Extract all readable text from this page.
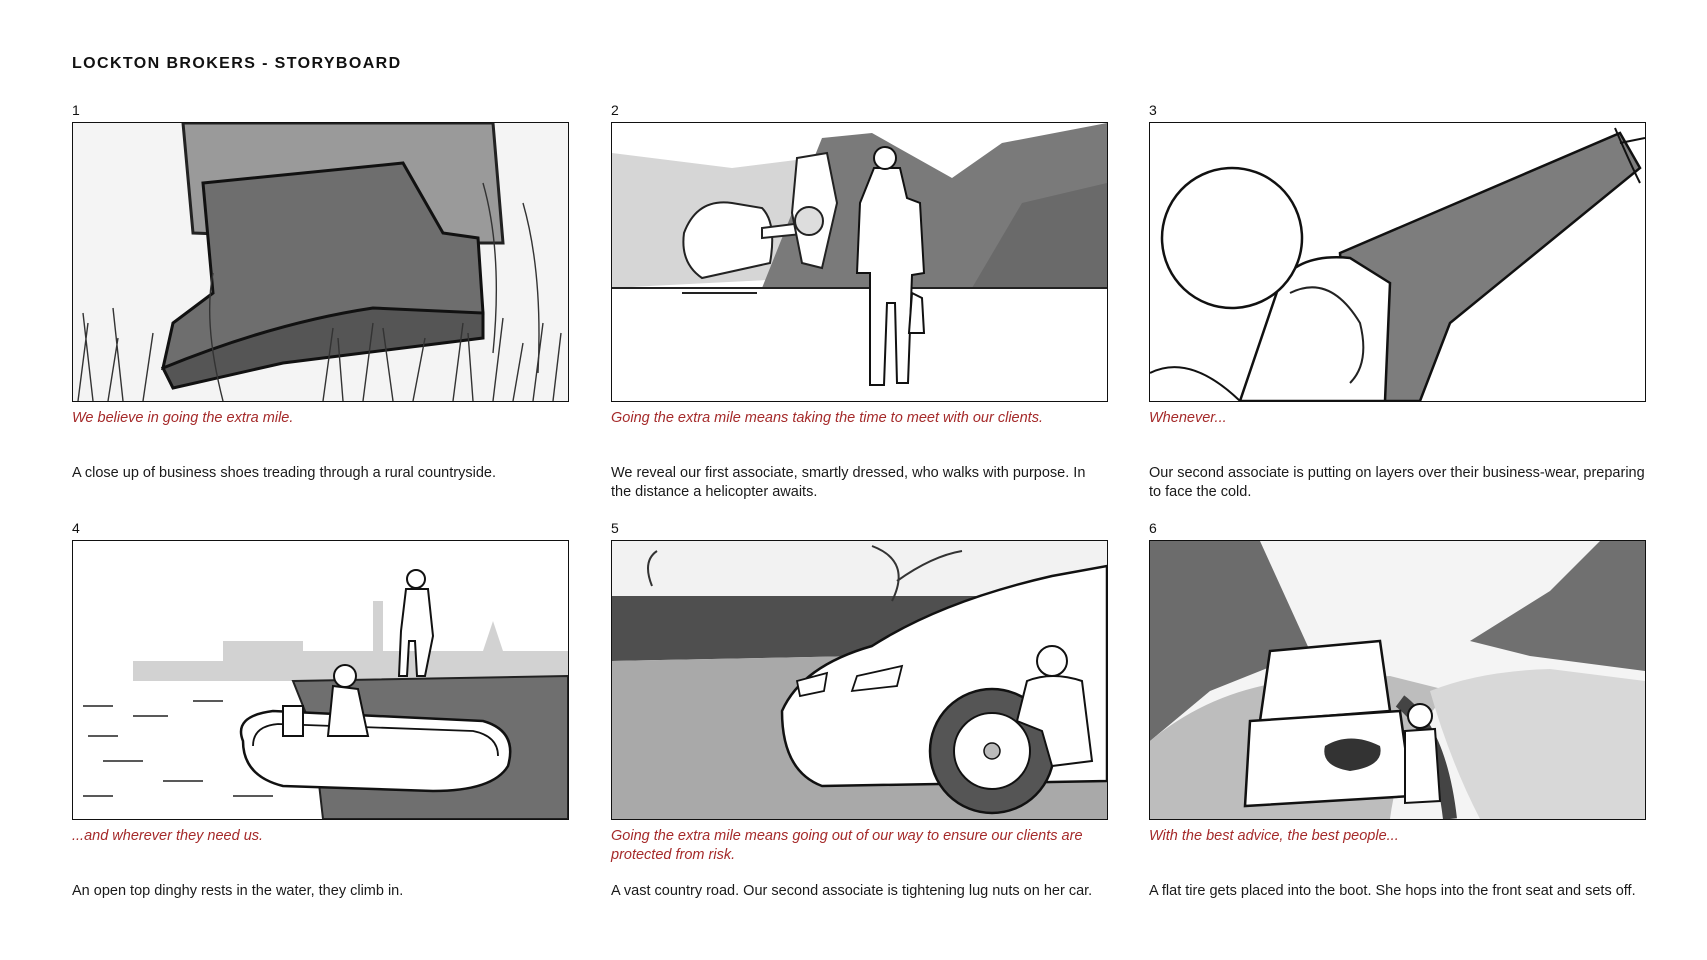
LOCKTON BROKERS - STORYBOARD
1
We believe in going the extra mile.
A close up of business shoes treading through a rural countryside.
2
Going the extra mile means taking the time to meet with our clients.
We reveal our first associate, smartly dressed, who walks with purpose. In the distance a helicopter awaits.
3
Whenever...
Our second associate is putting on layers over their business-wear, preparing to face the cold.
4
...and wherever they need us.
An open top dinghy rests in the water, they climb in.
5
Going the extra mile means going out of our way to ensure our clients are protected from risk.
A vast country road. Our second associate is tightening lug nuts on her car.
6
With the best advice, the best people...
A flat tire gets placed into the boot. She hops into the front seat and sets off.
